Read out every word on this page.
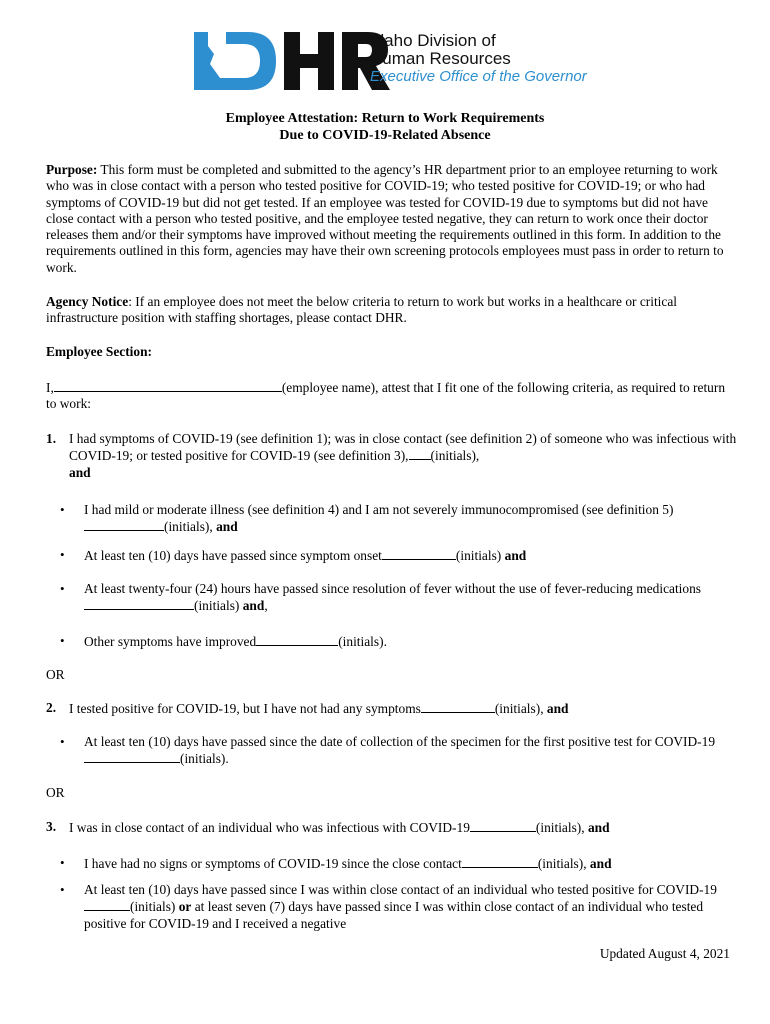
Idaho Division of
Human Resources
Executive Office of the Governor
Employee Attestation: Return to Work Requirements
Due to COVID-19-Related Absence
Purpose: This form must be completed and submitted to the agency’s HR department prior to an employee returning to work who was in close contact with a person who tested positive for COVID-19; who tested positive for COVID-19; or who had symptoms of COVID-19 but did not get tested. If an employee was tested for COVID-19 due to symptoms but did not have close contact with a person who tested positive, and the employee tested negative, they can return to work once their doctor releases them and/or their symptoms have improved without meeting the requirements outlined in this form. In addition to the requirements outlined in this form, agencies may have their own screening protocols employees must pass in order to return to work.
Agency Notice: If an employee does not meet the below criteria to return to work but works in a healthcare or critical infrastructure position with staffing shortages, please contact DHR.
Employee Section:
I,	(employee name), attest that I fit one of the following criteria, as required to return to work:
1. I had symptoms of COVID-19 (see definition 1); was in close contact (see definition 2) of someone who was infectious with COVID-19; or tested positive for COVID-19 (see definition 3), (initials),
and
• I had mild or moderate illness (see definition 4) and I am not severely immunocompromised (see definition 5)(initials), and
• At least ten (10) days have passed since symptom onset	(initials) and
• At least twenty-four (24) hours have passed since resolution of fever without the use of fever-reducing medications(initials) and,
• Other symptoms have improved	(initials).
OR
2. I tested positive for COVID-19, but I have not had any symptoms	(initials), and
• At least ten (10) days have passed since the date of collection of the specimen for the first positive test for COVID-19(initials).
OR
3. I was in close contact of an individual who was infectious with COVID-19	(initials), and
• I have had no signs or symptoms of COVID-19 since the close contact	(initials), and
• At least ten (10) days have passed since I was within close contact of an individual who tested positive for COVID-19(initials) or at least seven (7) days have passed since I was within close contact of an individual who tested positive for COVID-19 and I received a negative
Updated August 4, 2021
